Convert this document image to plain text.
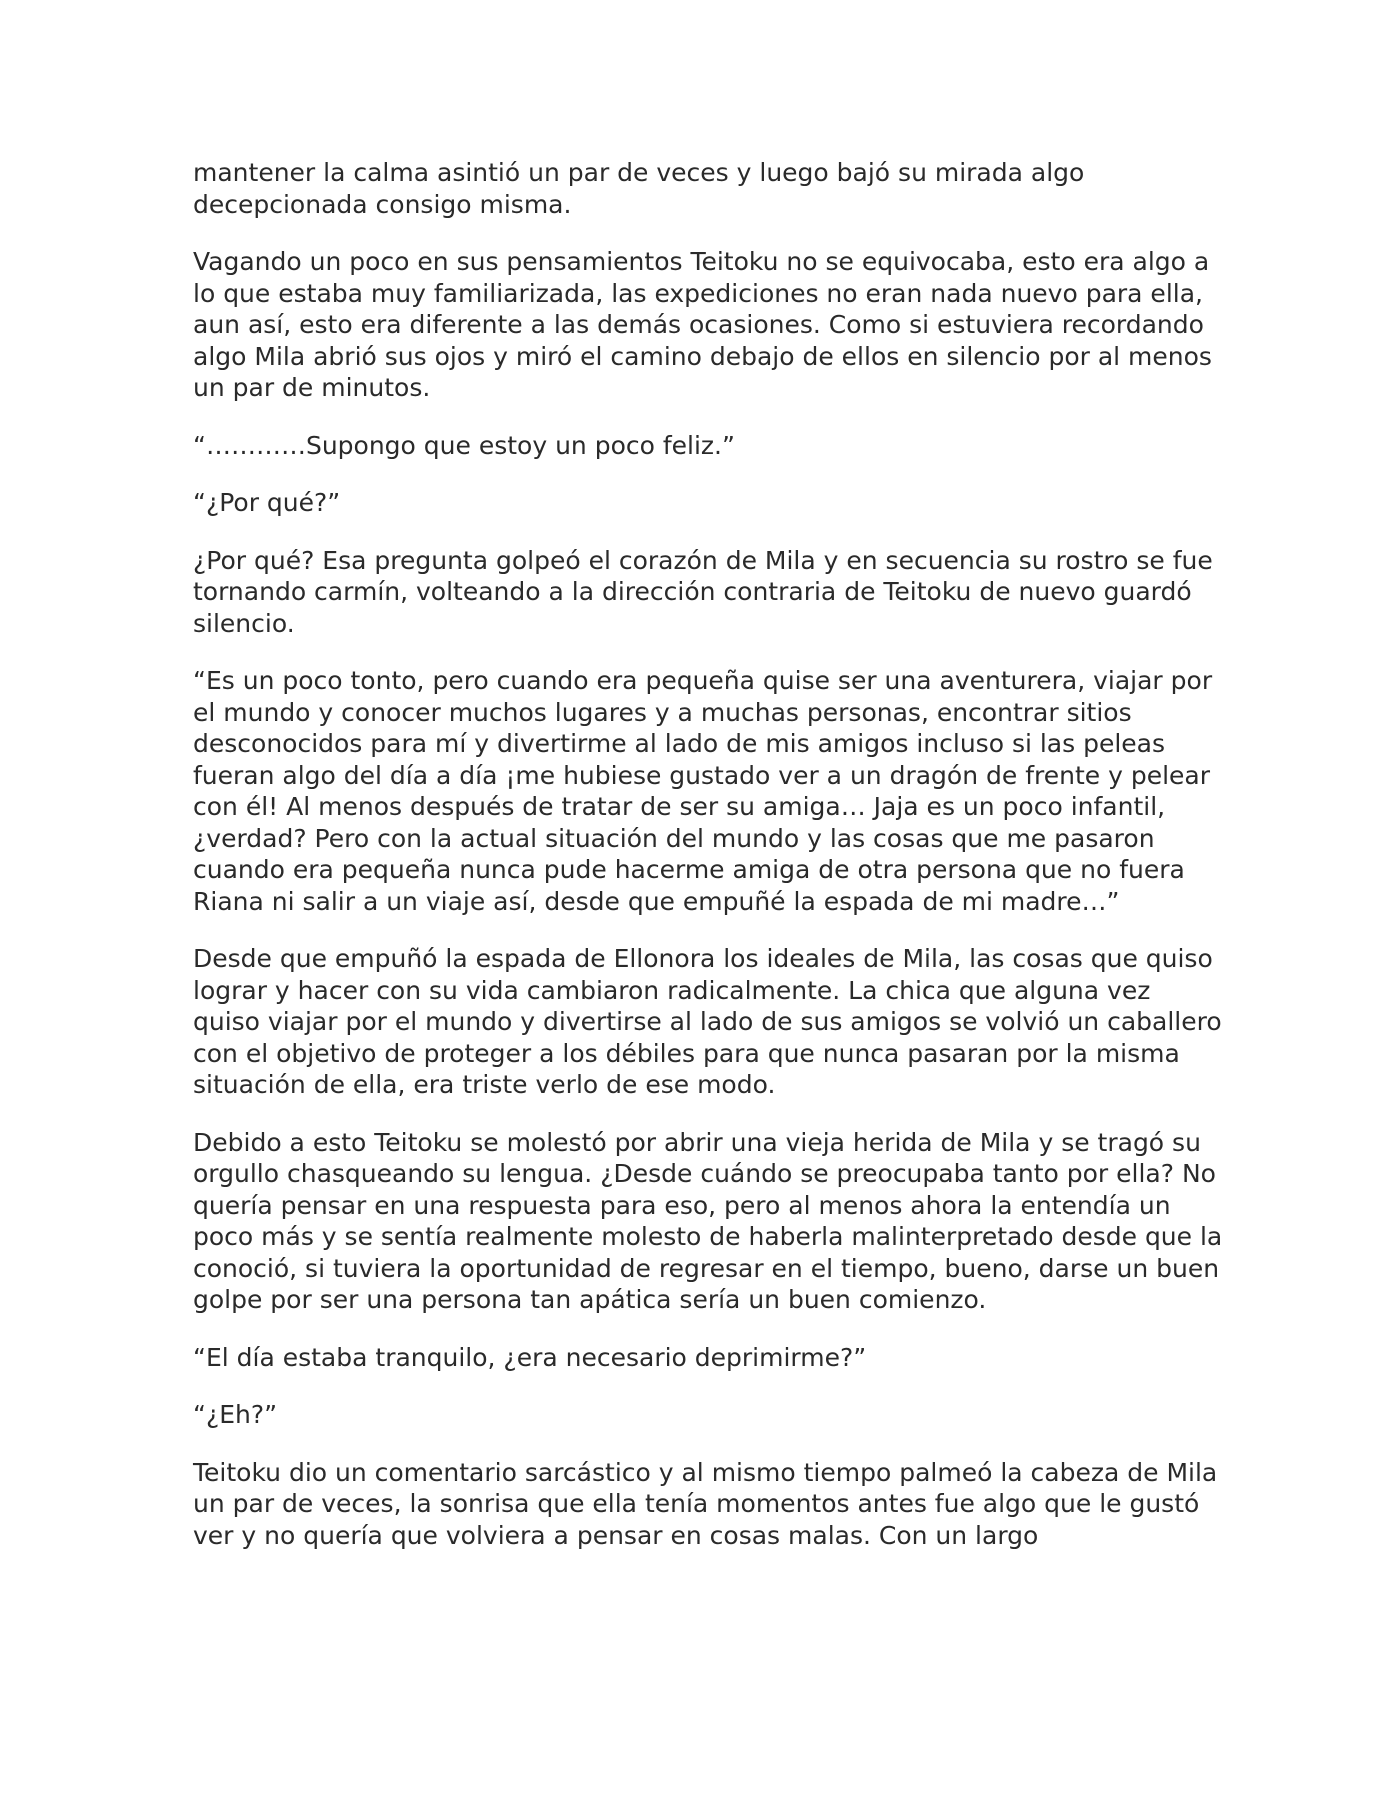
mantener la calma asintió un par de veces y luego bajó su mirada algo decepcionada consigo misma.

Vagando un poco en sus pensamientos Teitoku no se equivocaba, esto era algo a lo que estaba muy familiarizada, las expediciones no eran nada nuevo para ella, aun así, esto era diferente a las demás ocasiones. Como si estuviera recordando algo Mila abrió sus ojos y miró el camino debajo de ellos en silencio por al menos un par de minutos.

“…………Supongo que estoy un poco feliz.”

“¿Por qué?”

¿Por qué? Esa pregunta golpeó el corazón de Mila y en secuencia su rostro se fue tornando carmín, volteando a la dirección contraria de Teitoku de nuevo guardó silencio.

“Es un poco tonto, pero cuando era pequeña quise ser una aventurera, viajar por el mundo y conocer muchos lugares y a muchas personas, encontrar sitios desconocidos para mí y divertirme al lado de mis amigos incluso si las peleas fueran algo del día a día ¡me hubiese gustado ver a un dragón de frente y pelear con él! Al menos después de tratar de ser su amiga… Jaja es un poco infantil, ¿verdad? Pero con la actual situación del mundo y las cosas que me pasaron cuando era pequeña nunca pude hacerme amiga de otra persona que no fuera Riana ni salir a un viaje así, desde que empuñé la espada de mi madre…”

Desde que empuñó la espada de Ellonora los ideales de Mila, las cosas que quiso lograr y hacer con su vida cambiaron radicalmente. La chica que alguna vez quiso viajar por el mundo y divertirse al lado de sus amigos se volvió un caballero con el objetivo de proteger a los débiles para que nunca pasaran por la misma situación de ella, era triste verlo de ese modo.

Debido a esto Teitoku se molestó por abrir una vieja herida de Mila y se tragó su orgullo chasqueando su lengua. ¿Desde cuándo se preocupaba tanto por ella? No quería pensar en una respuesta para eso, pero al menos ahora la entendía un poco más y se sentía realmente molesto de haberla malinterpretado desde que la conoció, si tuviera la oportunidad de regresar en el tiempo, bueno, darse un buen golpe por ser una persona tan apática sería un buen comienzo.

“El día estaba tranquilo, ¿era necesario deprimirme?”

“¿Eh?”

Teitoku dio un comentario sarcástico y al mismo tiempo palmeó la cabeza de Mila un par de veces, la sonrisa que ella tenía momentos antes fue algo que le gustó ver y no quería que volviera a pensar en cosas malas. Con un largo
